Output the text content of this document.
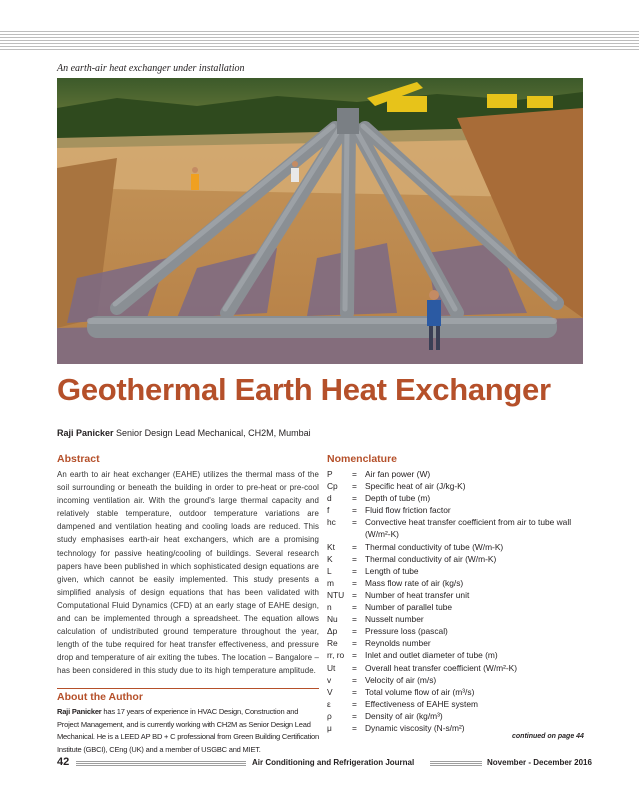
An earth-air heat exchanger under installation
Geothermal Earth Heat Exchanger
Raji Panicker Senior Design Lead Mechanical, CH2M, Mumbai
Abstract

An earth to air heat exchanger (EAHE) utilizes the thermal mass of the soil surrounding or beneath the building in order to pre-heat or pre-cool incoming ventilation air. With the ground's large thermal capacity and relatively stable temperature, outdoor temperature variations are dampened and ventilation heating and cooling loads are reduced. This study emphasises earth-air heat exchangers, which are a promising technology for passive heating/cooling of buildings. Several research papers have been published in which sophisticated design equations are given, which cannot be easily implemented. This study presents a simplified analysis of design equations that has been validated with Computational Fluid Dynamics (CFD) at an early stage of EAHE design, and can be implemented through a spreadsheet. The equation allows calculation of undistributed ground temperature throughout the year, length of the tube required for heat transfer effectiveness, and pressure drop and temperature of air exiting the tubes. The location – Bangalore – has been considered in this study due to its high temperature amplitude.

About the Author

Raji Panicker has 17 years of experience in HVAC Design, Construction and Project Management, and is currently working with CH2M as Senior Design Lead Mechanical. He is a LEED AP BD + C professional from Green Building Certification Institute (GBCI), CEng (UK) and a member of USGBC and MIET.

Nomenclature
P	=	Air fan power (W)
Cp	=	Specific heat of air (J/kg-K)
d	=	Depth of tube (m)
f	=	Fluid flow friction factor
hc	=	Convective heat transfer coefficient from air to tube wall (W/m²-K)
Kt	=	Thermal conductivity of tube (W/m-K)
K	=	Thermal conductivity of air (W/m-K)
L	=	Length of tube
m	=	Mass flow rate of air (kg/s)
NTU	=	Number of heat transfer unit
n	=	Number of parallel tube
Nu	=	Nusselt number
Δp	=	Pressure loss (pascal)
Re	=	Reynolds number
rr, ro	=	Inlet and outlet diameter of tube (m)
Ut	=	Overall heat transfer coefficient (W/m²-K)
v	=	Velocity of air (m/s)
V	=	Total volume flow of air (m³/s)
ε	=	Effectiveness of EAHE system
ρ	=	Density of air (kg/m³)
μ	=	Dynamic viscosity (N-s/m²)
continued on page 44
42	Air Conditioning and Refrigeration Journal	November - December 2016
